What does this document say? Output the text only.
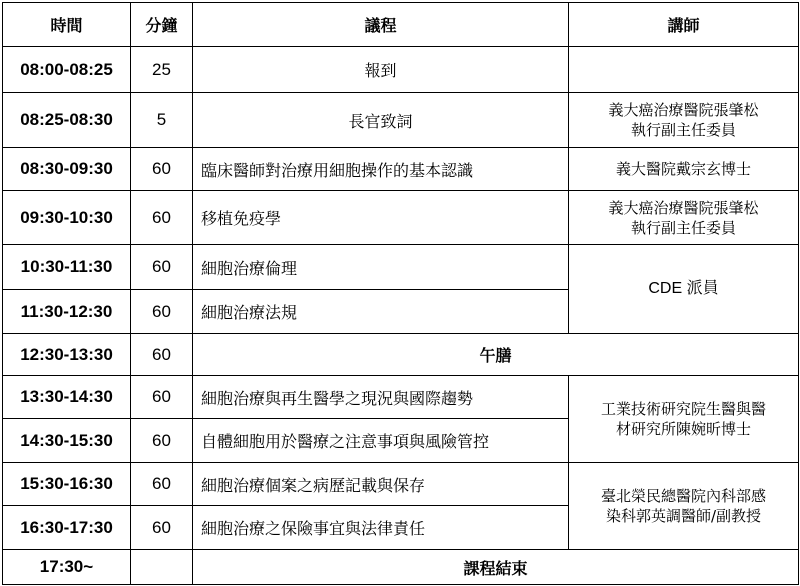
時間	分鐘	議程	講師
08:00-08:25	25	報到	
08:25-08:30	5	長官致詞	義大癌治療醫院張肇松
執行副主任委員

08:30-09:30	60	臨床醫師對治療用細胞操作的基本認識	義大醫院戴宗玄博士

09:30-10:30	60	移植免疫學	義大癌治療醫院張肇松
執行副主任委員

10:30-11:30	60	細胞治療倫理	CDE 派員

11:30-12:30	60	細胞治療法規	
12:30-13:30	60	午膳	
13:30-14:30	60	細胞治療與再生醫學之現況與國際趨勢	工業技術研究院生醫與醫
材研究所陳婉昕博士

14:30-15:30	60	自體細胞用於醫療之注意事項與風險管控	
15:30-16:30	60	細胞治療個案之病歷記載與保存	臺北榮民總醫院內科部感
染科郭英調醫師/副教授

16:30-17:30	60	細胞治療之保險事宜與法律責任	
17:30~		課程結束	
